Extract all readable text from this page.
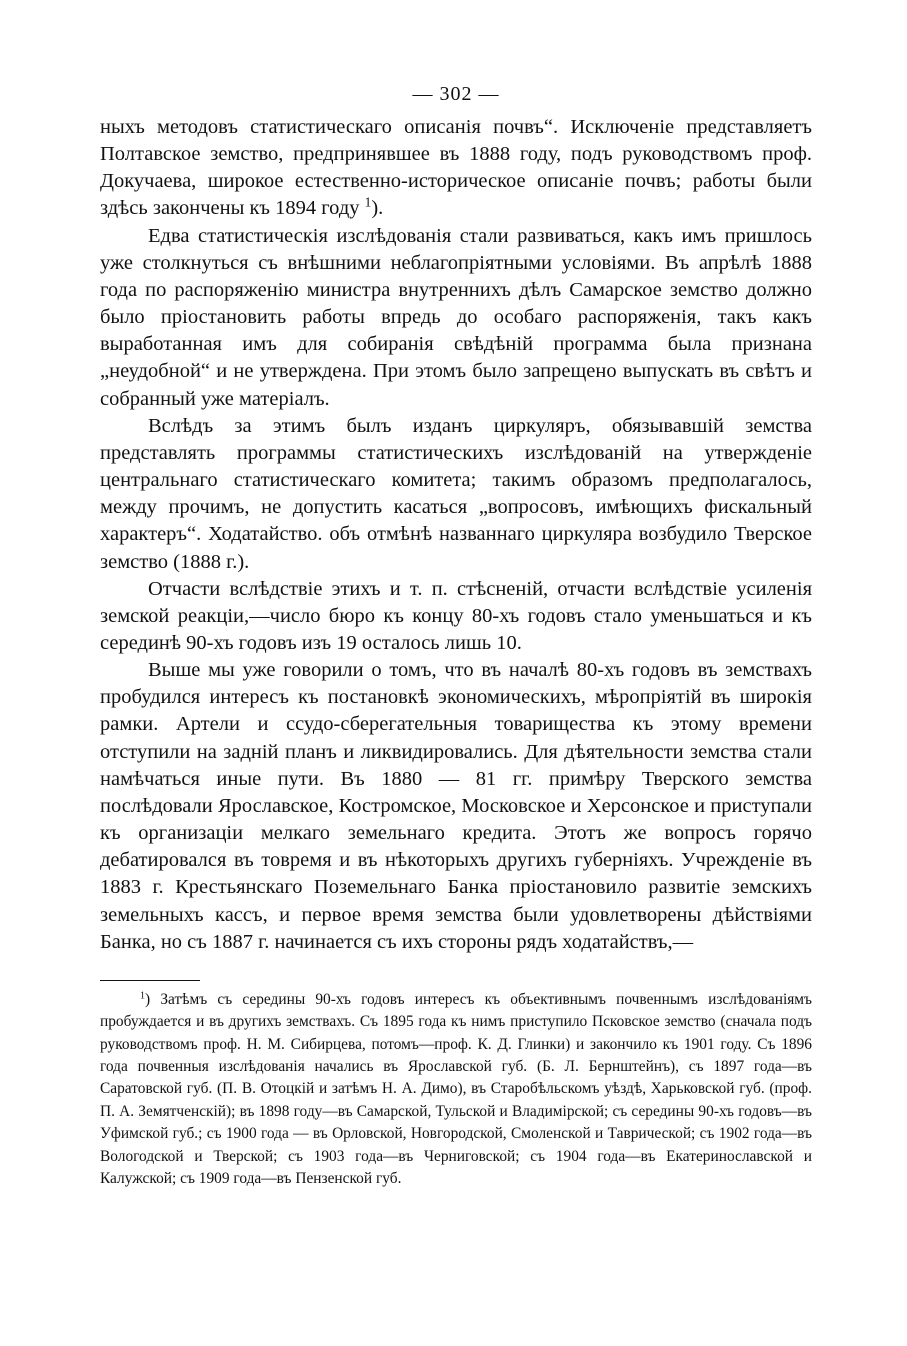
— 302 —

ныхъ методовъ статистическаго описанія почвъ“. Исключеніе представляетъ Полтавское земство, предпринявшее въ 1888 году, подъ руководствомъ проф. Докучаева, широкое естественно-историческое описаніе почвъ; работы были здѣсь закончены къ 1894 году $^1$).

Едва статистическія изслѣдованія стали развиваться, какъ имъ пришлось уже столкнуться съ внѣшними неблагопріятными условіями. Въ апрѣлѣ 1888 года по распоряженію министра внутреннихъ дѣлъ Самарское земство должно было пріостановить работы впредь до особаго распоряженія, такъ какъ выработанная имъ для собиранія свѣдѣній программа была признана „неудобной“ и не утверждена. При этомъ было запрещено выпускать въ свѣтъ и собранный уже матеріалъ.

Вслѣдъ за этимъ былъ изданъ циркуляръ, обязывавшій земства представлять программы статистическихъ изслѣдованій на утвержденіе центральнаго статистическаго комитета; такимъ образомъ предполагалось, между прочимъ, не допустить касаться „вопросовъ, имѣющихъ фискальный характеръ“. Ходатайство. объ отмѣнѣ названнаго циркуляра возбудило Тверское земство (1888 г.).

Отчасти вслѣдствіе этихъ и т. п. стѣсненій, отчасти вслѣдствіе усиленія земской реакціи,—число бюро къ концу 80-хъ годовъ стало уменьшаться и къ серединѣ 90-хъ годовъ изъ 19 осталось лишь 10.

Выше мы уже говорили о томъ, что въ началѣ 80-хъ годовъ въ земствахъ пробудился интересъ къ постановкѣ экономическихъ, мѣропріятій въ широкія рамки. Артели и ссудо-сберегательныя товарищества къ этому времени отступили на задній планъ и ликвидировались. Для дѣятельности земства стали намѣчаться иные пути. Въ 1880 — 81 гг. примѣру Тверского земства послѣдовали Ярославское, Костромское, Московское и Херсонское и приступали къ организаціи мелкаго земельнаго кредита. Этотъ же вопросъ горячо дебатировался въ товремя и въ нѣкоторыхъ другихъ губерніяхъ. Учрежденіе въ 1883 г. Крестьянскаго Поземельнаго Банка пріостановило развитіе земскихъ земельныхъ кассъ, и первое время земства были удовлетворены дѣйствіями Банка, но съ 1887 г. начинается съ ихъ стороны рядъ ходатайствъ,—

$^1$) Затѣмъ съ середины 90-хъ годовъ интересъ къ объективнымъ почвеннымъ изслѣдованіямъ пробуждается и въ другихъ земствахъ. Съ 1895 года къ нимъ приступило Псковское земство (сначала подъ руководствомъ проф. Н. М. Сибирцева, потомъ—проф. К. Д. Глинки) и закончило къ 1901 году. Съ 1896 года почвенныя изслѣдованія начались въ Ярославской губ. (Б. Л. Бернштейнъ), съ 1897 года—въ Саратовской губ. (П. В. Отоцкій и затѣмъ Н. А. Димо), въ Старобѣльскомъ уѣздѣ, Харьковской губ. (проф. П. А. Земятченскій); въ 1898 году—въ Самарской, Тульской и Владимірской; съ середины 90-хъ годовъ—въ Уфимской губ.; съ 1900 года — въ Орловской, Новгородской, Смоленской и Таврической; съ 1902 года—въ Вологодской и Тверской; съ 1903 года—въ Черниговской; съ 1904 года—въ Екатеринославской и Калужской; съ 1909 года—въ Пензенской губ.
